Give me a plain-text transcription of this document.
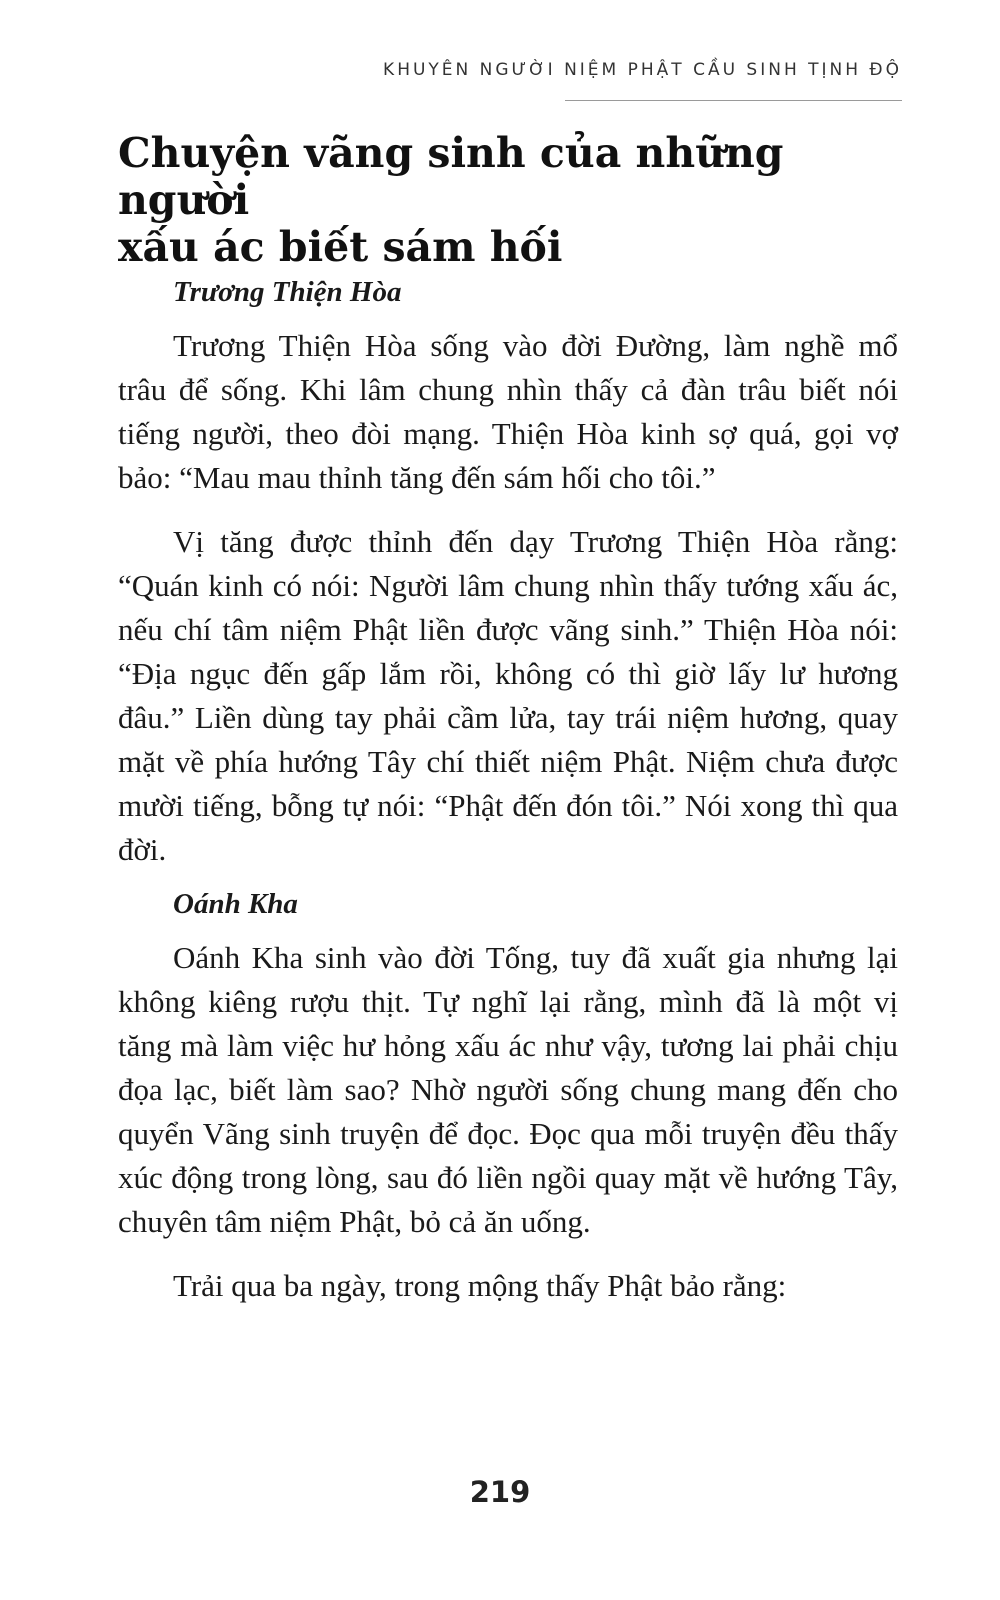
KHUYÊN NGƯỜI NIỆM PHẬT CẦU SINH TỊNH ĐỘ
Chuyện vãng sinh của những người
xấu ác biết sám hối
Trương Thiện Hòa

Trương Thiện Hòa sống vào đời Đường, làm nghề mổ trâu để sống. Khi lâm chung nhìn thấy cả đàn trâu biết nói tiếng người, theo đòi mạng. Thiện Hòa kinh sợ quá, gọi vợ bảo: “Mau mau thỉnh tăng đến sám hối cho tôi.”

Vị tăng được thỉnh đến dạy Trương Thiện Hòa rằng: “Quán kinh có nói: Người lâm chung nhìn thấy tướng xấu ác, nếu chí tâm niệm Phật liền được vãng sinh.” Thiện Hòa nói: “Địa ngục đến gấp lắm rồi, không có thì giờ lấy lư hương đâu.” Liền dùng tay phải cầm lửa, tay trái niệm hương, quay mặt về phía hướng Tây chí thiết niệm Phật. Niệm chưa được mười tiếng, bỗng tự nói: “Phật đến đón tôi.” Nói xong thì qua đời.

Oánh Kha

Oánh Kha sinh vào đời Tống, tuy đã xuất gia nhưng lại không kiêng rượu thịt. Tự nghĩ lại rằng, mình đã là một vị tăng mà làm việc hư hỏng xấu ác như vậy, tương lai phải chịu đọa lạc, biết làm sao? Nhờ người sống chung mang đến cho quyển Vãng sinh truyện để đọc. Đọc qua mỗi truyện đều thấy xúc động trong lòng, sau đó liền ngồi quay mặt về hướng Tây, chuyên tâm niệm Phật, bỏ cả ăn uống.

Trải qua ba ngày, trong mộng thấy Phật bảo rằng:

219
